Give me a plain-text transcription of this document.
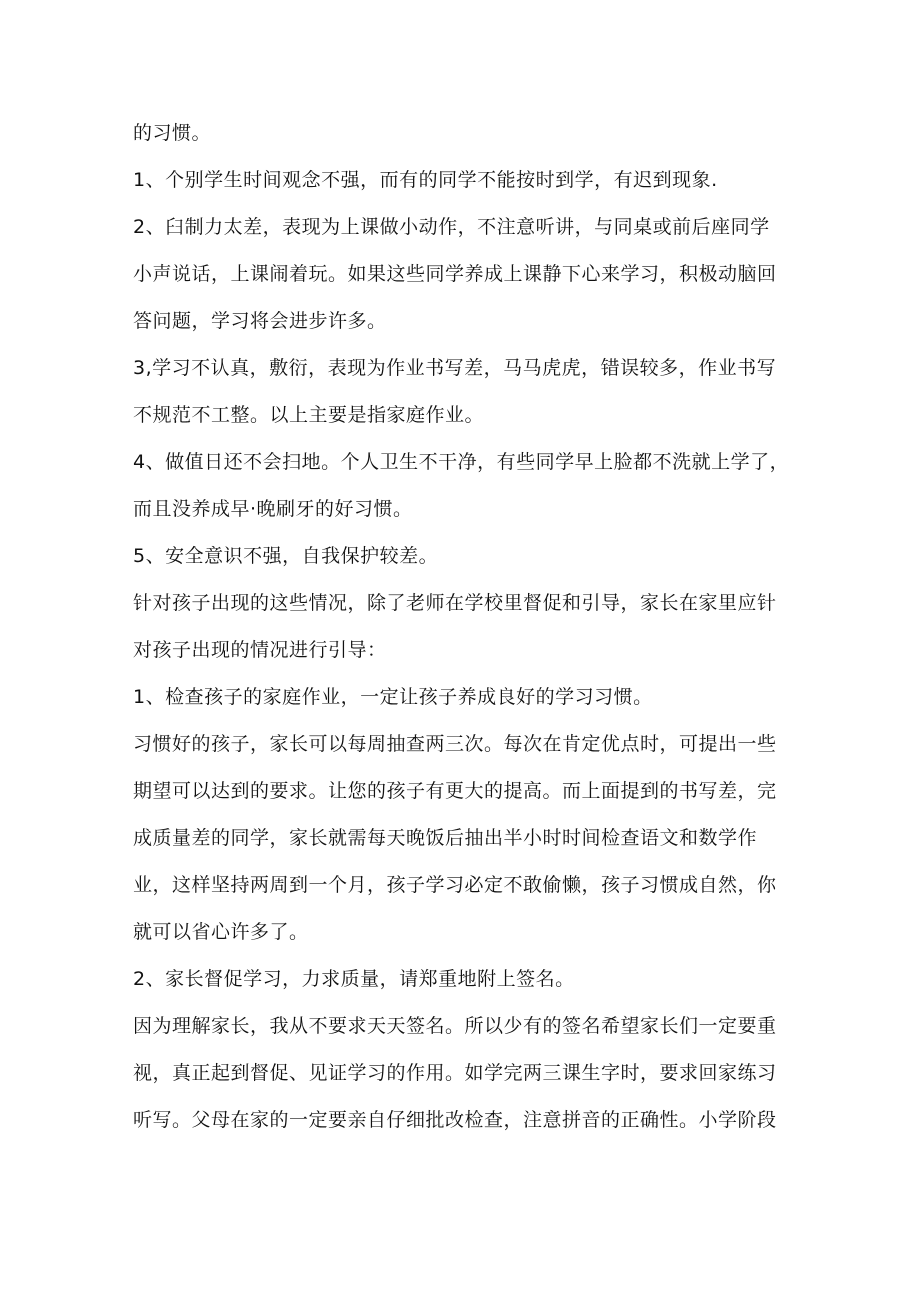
的习惯。
1、个别学生时间观念不强，而有的同学不能按时到学，有迟到现象.
2、臼制力太差，表现为上课做小动作，不注意听讲，与同桌或前后座同学
小声说话，上课闹着玩。如果这些同学养成上课静下心来学习，积极动脑回
答问题，学习将会进步许多。
3,学习不认真，敷衍，表现为作业书写差，马马虎虎，错误较多，作业书写
不规范不工整。以上主要是指家庭作业。
4、做值日还不会扫地。个人卫生不干净，有些同学早上脸都不洗就上学了，
而且没养成早·晚刷牙的好习惯。
5、安全意识不强，自我保护较差。
针对孩子出现的这些情况，除了老师在学校里督促和引导，家长在家里应针
对孩子出现的情况进行引导：
1、检查孩子的家庭作业，一定让孩子养成良好的学习习惯。
习惯好的孩子，家长可以每周抽查两三次。每次在肯定优点时，可提出一些
期望可以达到的要求。让您的孩子有更大的提高。而上面提到的书写差，完
成质量差的同学，家长就需每天晚饭后抽出半小时时间检查语文和数学作
业，这样坚持两周到一个月，孩子学习必定不敢偷懒，孩子习惯成自然，你
就可以省心许多了。
2、家长督促学习，力求质量，请郑重地附上签名。
因为理解家长，我从不要求天天签名。所以少有的签名希望家长们一定要重
视，真正起到督促、见证学习的作用。如学完两三课生字时，要求回家练习
听写。父母在家的一定要亲自仔细批改检查，注意拼音的正确性。小学阶段
